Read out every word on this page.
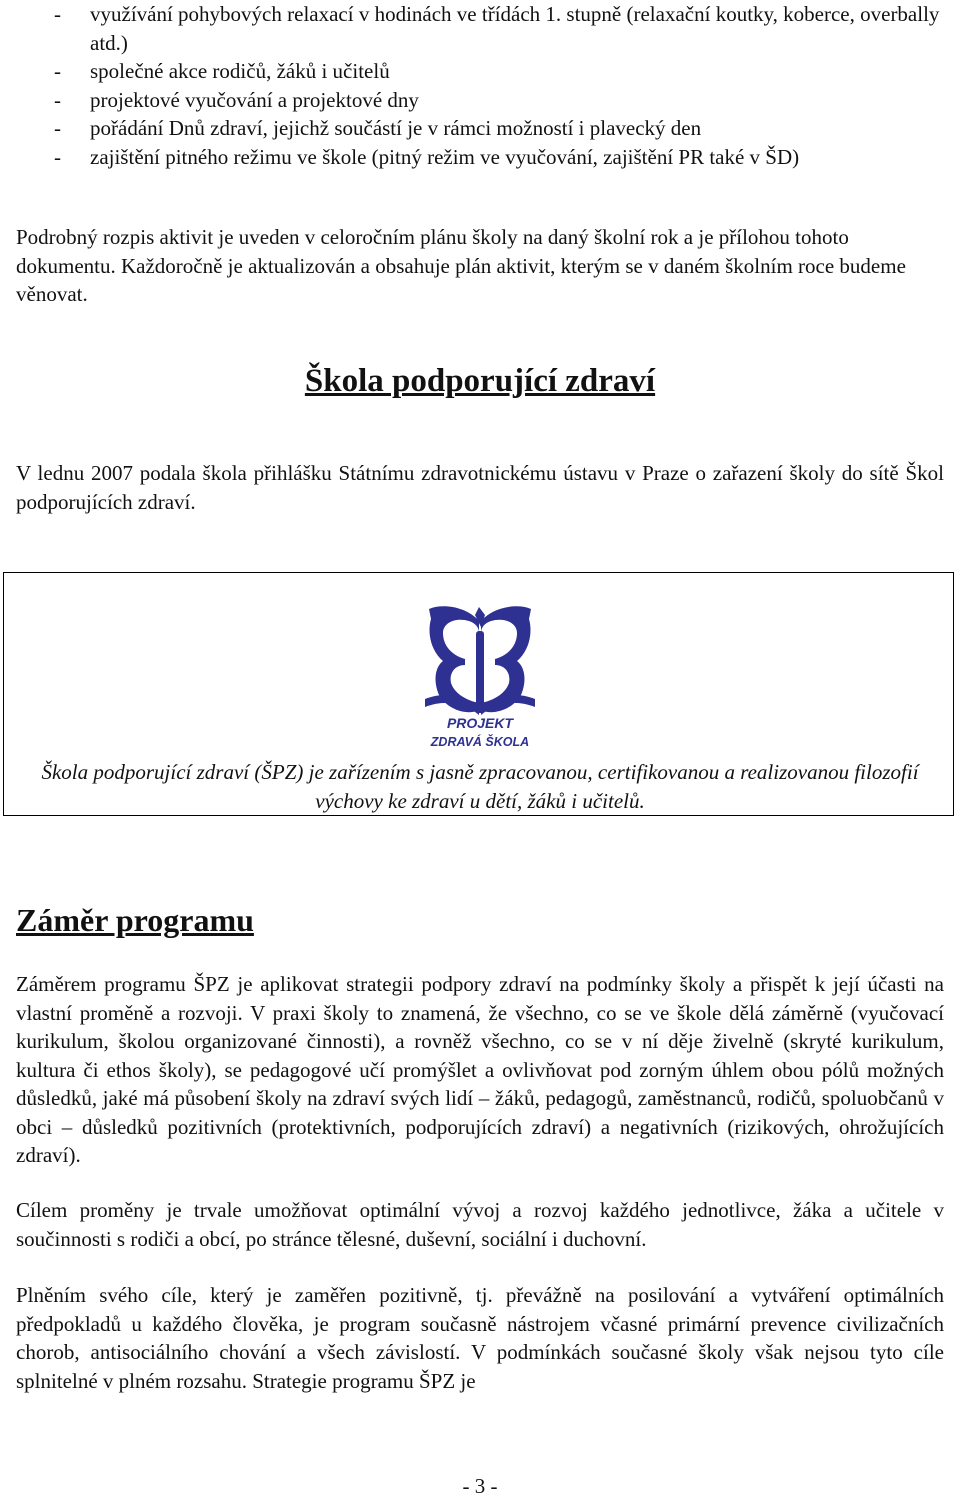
-	využívání pohybových relaxací v hodinách ve třídách 1. stupně (relaxační koutky, koberce, overbally atd.)
-	společné akce rodičů, žáků i učitelů
-	projektové vyučování a projektové dny
-	pořádání Dnů zdraví, jejichž součástí je v rámci možností i plavecký den
-	zajištění pitného režimu ve škole (pitný režim ve vyučování, zajištění PR také v ŠD)

Podrobný rozpis aktivit je uveden v celoročním plánu školy na daný školní rok a je přílohou tohoto dokumentu. Každoročně je aktualizován a obsahuje plán aktivit, kterým se v daném školním roce budeme věnovat.

Škola podporující zdraví

V lednu 2007 podala škola přihlášku Státnímu zdravotnickému ústavu v Praze o zařazení školy do sítě Škol podporujících zdraví.

PROJEKT
ZDRAVÁ ŠKOLA

Škola podporující zdraví (ŠPZ) je zařízením s jasně zpracovanou, certifikovanou a realizovanou filozofií výchovy ke zdraví u dětí, žáků i učitelů.

Záměr programu

Záměrem programu ŠPZ je aplikovat strategii podpory zdraví na podmínky školy a přispět k její účasti na vlastní proměně a rozvoji. V praxi školy to znamená, že všechno, co se ve škole dělá záměrně (vyučovací kurikulum, školou organizované činnosti), a rovněž všechno, co se v ní děje živelně (skryté kurikulum, kultura či ethos školy), se pedagogové učí promýšlet a ovlivňovat pod zorným úhlem obou pólů možných důsledků, jaké má působení školy na zdraví svých lidí – žáků, pedagogů, zaměstnanců, rodičů, spoluobčanů v obci – důsledků pozitivních (protektivních, podporujících zdraví) a negativních (rizikových, ohrožujících zdraví).

Cílem proměny je trvale umožňovat optimální vývoj a rozvoj každého jednotlivce, žáka a učitele v součinnosti s rodiči a obcí, po stránce tělesné, duševní, sociální i duchovní.

Plněním svého cíle, který je zaměřen pozitivně, tj. převážně na posilování a vytváření optimálních předpokladů u každého člověka, je program současně nástrojem včasné primární prevence civilizačních chorob, antisociálního chování a všech závislostí. V podmínkách současné školy však nejsou tyto cíle splnitelné v plném rozsahu. Strategie programu ŠPZ je

- 3 -
